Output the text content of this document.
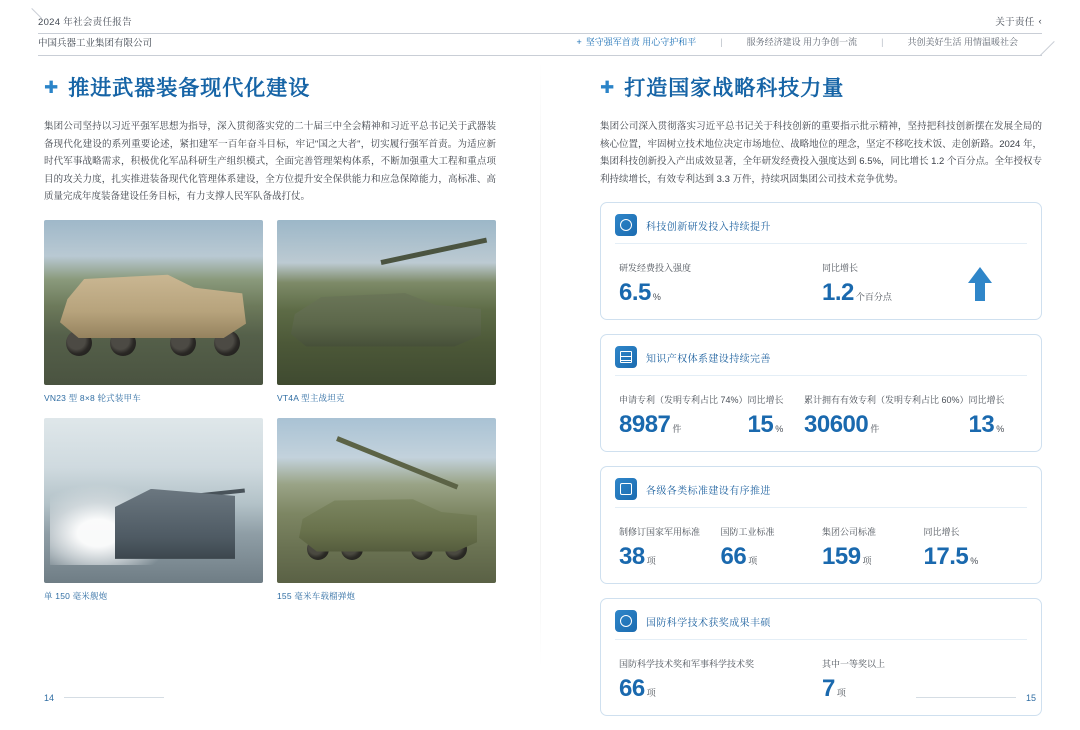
2024 年社会责任报告	关于责任 ‹
中国兵器工业集团有限公司	+ 坚守强军首责 用心守护和平	|	服务经济建设 用力争创一流	|	共创美好生活 用情温暖社会
✚ 推进武器装备现代化建设
集团公司坚持以习近平强军思想为指导，深入贯彻落实党的二十届三中全会精神和习近平总书记关于武器装备现代化建设的系列重要论述，紧扣建军一百年奋斗目标，牢记"国之大者"，切实履行强军首责。为适应新时代军事战略需求，积极优化军品科研生产组织模式，全面完善管理架构体系，不断加强重大工程和重点项目的攻关力度，扎实推进装备现代化管理体系建设，全方位提升安全保供能力和应急保障能力，高标准、高质量完成年度装备建设任务目标，有力支撑人民军队备战打仗。
VN23 型 8×8 轮式装甲车	VT4A 型主战坦克
单 150 毫米舰炮	155 毫米车载榴弹炮
✚ 打造国家战略科技力量
集团公司深入贯彻落实习近平总书记关于科技创新的重要指示批示精神，坚持把科技创新摆在发展全局的核心位置，牢固树立技术地位决定市场地位、战略地位的理念，坚定不移吃技术饭、走创新路。2024 年，集团科技创新投入产出成效显著，全年研发经费投入强度达到 6.5%，同比增长 1.2 个百分点。全年授权专利持续增长，有效专利达到 3.3 万件，持续巩固集团公司技术竞争优势。
科技创新研发投入持续提升
研发经费投入强度
6.5 %
同比增长
1.2 个百分点
知识产权体系建设持续完善
申请专利（发明专利占比 74%）
8987 件
同比增长
15 %
累计拥有有效专利（发明专利占比 60%）
30600 件
同比增长
13 %
各级各类标准建设有序推进
制修订国家军用标准
38 项
国防工业标准
66 项
集团公司标准
159 项
同比增长
17.5 %
国防科学技术获奖成果丰硕
国防科学技术奖和军事科学技术奖
66 项
其中一等奖以上
7 项
14	15
